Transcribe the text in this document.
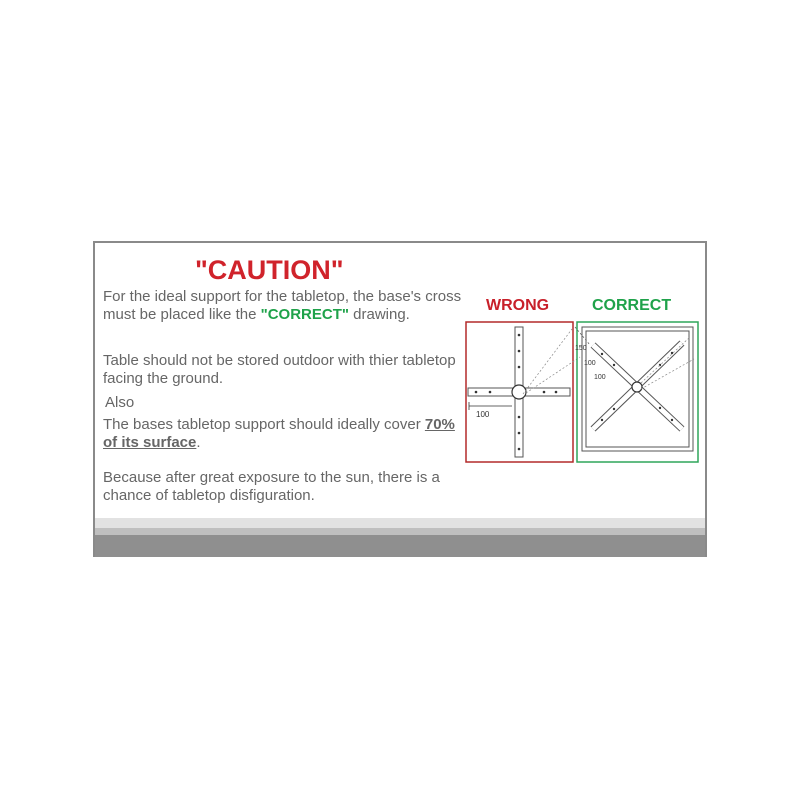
"CAUTION"
For the ideal support for the tabletop, the base's cross must be placed like the "CORRECT" drawing.
Table should not be stored outdoor with thier tabletop facing the ground.
Also
The bases tabletop support should ideally cover 70% of its surface.
Because after great exposure to the sun, there is a chance of tabletop disfiguration.
WRONG	CORRECT
100
150
100
100
